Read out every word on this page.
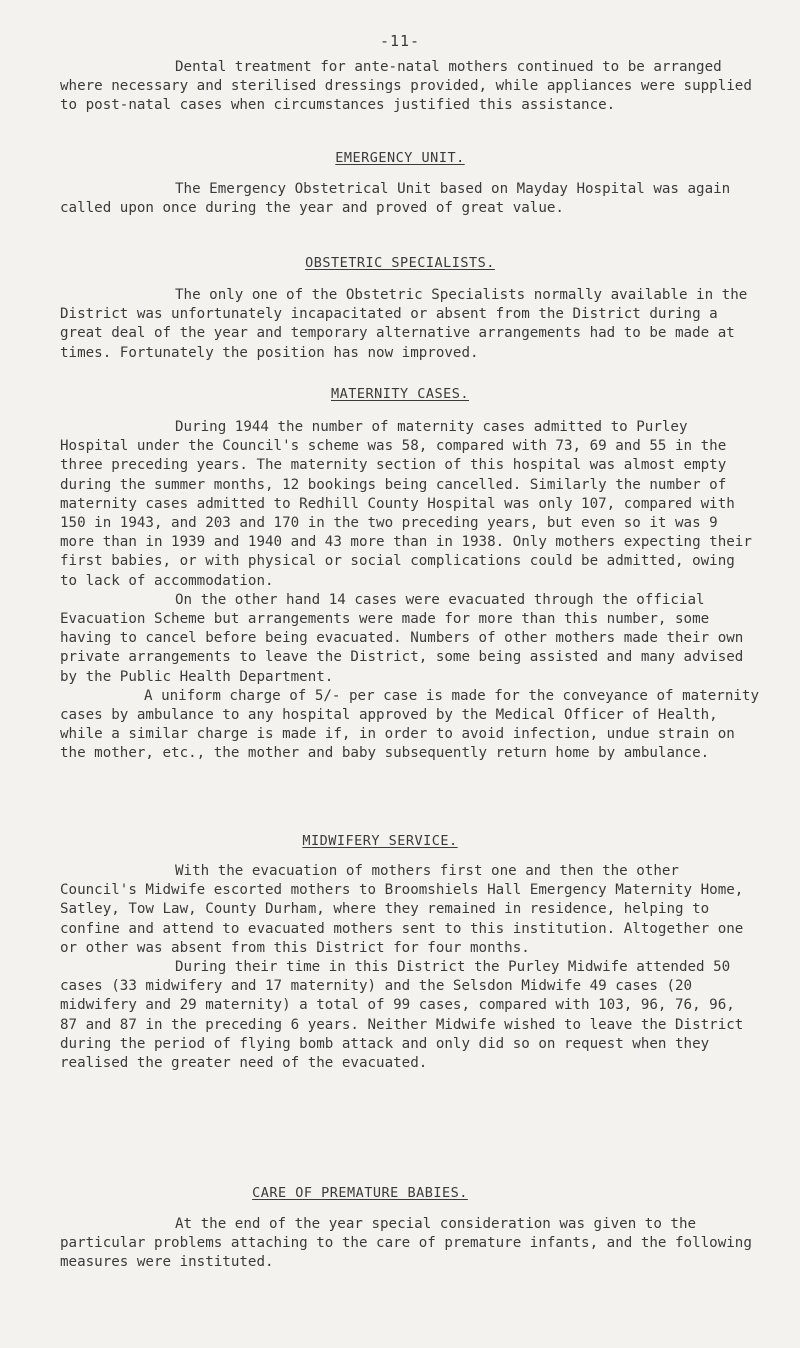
-11-

Dental treatment for ante-natal mothers continued to be arranged where necessary and sterilised dressings provided, while appliances were supplied to post-natal cases when circumstances justified this assistance.

EMERGENCY UNIT.

The Emergency Obstetrical Unit based on Mayday Hospital was again called upon once during the year and proved of great value.

OBSTETRIC SPECIALISTS.

The only one of the Obstetric Specialists normally available in the District was unfortunately incapacitated or absent from the District during a great deal of the year and temporary alternative arrangements had to be made at times. Fortunately the position has now improved.

MATERNITY CASES.

During 1944 the number of maternity cases admitted to Purley Hospital under the Council's scheme was 58, compared with 73, 69 and 55 in the three preceding years. The maternity section of this hospital was almost empty during the summer months, 12 bookings being cancelled. Similarly the number of maternity cases admitted to Redhill County Hospital was only 107, compared with 150 in 1943, and 203 and 170 in the two preceding years, but even so it was 9 more than in 1939 and 1940 and 43 more than in 1938. Only mothers expecting their first babies, or with physical or social complications could be admitted, owing to lack of accommodation.

On the other hand 14 cases were evacuated through the official Evacuation Scheme but arrangements were made for more than this number, some having to cancel before being evacuated. Numbers of other mothers made their own private arrangements to leave the District, some being assisted and many advised by the Public Health Department.

A uniform charge of 5/- per case is made for the conveyance of maternity cases by ambulance to any hospital approved by the Medical Officer of Health, while a similar charge is made if, in order to avoid infection, undue strain on the mother, etc., the mother and baby subsequently return home by ambulance.

MIDWIFERY SERVICE.

With the evacuation of mothers first one and then the other Council's Midwife escorted mothers to Broomshiels Hall Emergency Maternity Home, Satley, Tow Law, County Durham, where they remained in residence, helping to confine and attend to evacuated mothers sent to this institution. Altogether one or other was absent from this District for four months.

During their time in this District the Purley Midwife attended 50 cases (33 midwifery and 17 maternity) and the Selsdon Midwife 49 cases (20 midwifery and 29 maternity) a total of 99 cases, compared with 103, 96, 76, 96, 87 and 87 in the preceding 6 years. Neither Midwife wished to leave the District during the period of flying bomb attack and only did so on request when they realised the greater need of the evacuated.

CARE OF PREMATURE BABIES.

At the end of the year special consideration was given to the particular problems attaching to the care of premature infants, and the following measures were instituted.
